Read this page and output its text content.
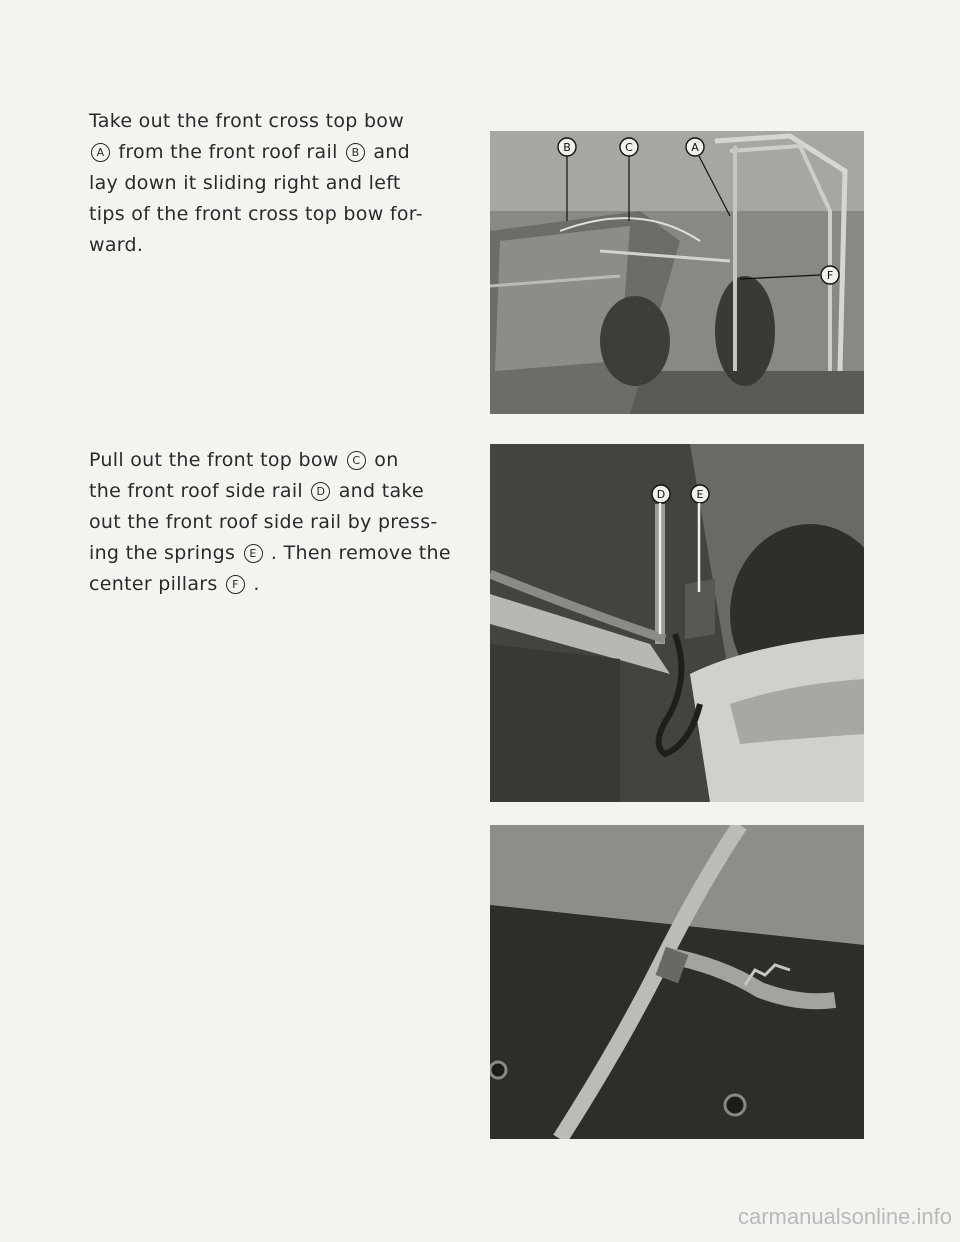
Take out the front cross top bow
A from the front roof rail B and
lay down it sliding right and left
tips of the front cross top bow for-
ward.
Pull out the front top bow C on
the front roof side rail D and take
out the front roof side rail by press-
ing the springs E . Then remove the
center pillars F .
B	C	A
F
D	E
carmanualsonline.info
